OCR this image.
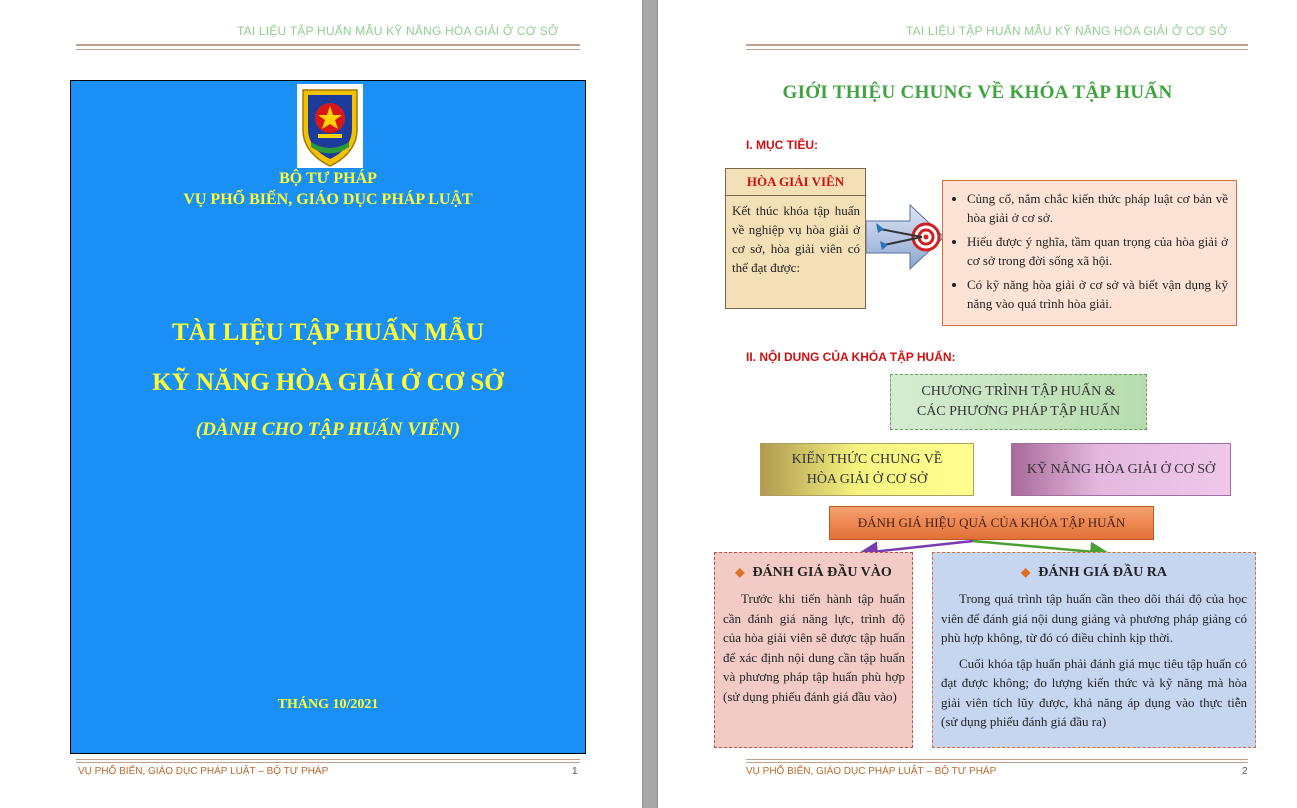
TAI LIỆU TẬP HUẤN MẪU KỸ NĂNG HÒA GIẢI Ở CƠ SỞ
BỘ TƯ PHÁP
VỤ PHỔ BIẾN, GIÁO DỤC PHÁP LUẬT
TÀI LIỆU TẬP HUẤN MẪU
KỸ NĂNG HÒA GIẢI Ở CƠ SỞ
(DÀNH CHO TẬP HUẤN VIÊN)
THÁNG 10/2021
VỤ PHỔ BIẾN, GIÁO DỤC PHÁP LUẬT – BỘ TƯ PHÁP	1
TAI LIỆU TẬP HUẤN MẪU KỸ NĂNG HÒA GIẢI Ở CƠ SỞ
GIỚI THIỆU CHUNG VỀ KHÓA TẬP HUẤN
I. MỤC TIÊU:
HÒA GIẢI VIÊN
Kết thúc khóa tập huấn về nghiệp vụ hòa giải ở cơ sở, hòa giải viên có thể đạt được:
• Củng cố, nắm chắc kiến thức pháp luật cơ bản về hòa giải ở cơ sở.
• Hiểu được ý nghĩa, tầm quan trọng của hòa giải ở cơ sở trong đời sống xã hội.
• Có kỹ năng hòa giải ở cơ sở và biết vận dụng kỹ năng vào quá trình hòa giải.
II. NỘI DUNG CỦA KHÓA TẬP HUẤN:
CHƯƠNG TRÌNH TẬP HUẤN &
CÁC PHƯƠNG PHÁP TẬP HUẤN
KIẾN THỨC CHUNG VỀ
HÒA GIẢI Ở CƠ SỞ
KỸ NĂNG HÒA GIẢI Ở CƠ SỞ
ĐÁNH GIÁ HIỆU QUẢ CỦA KHÓA TẬP HUẤN
◆ ĐÁNH GIÁ ĐẦU VÀO

Trước khi tiến hành tập huấn cần đánh giá năng lực, trình độ của hòa giải viên sẽ được tập huấn để xác định nội dung cần tập huấn và phương pháp tập huấn phù hợp (sử dụng phiếu đánh giá đầu vào)

◆ ĐÁNH GIÁ ĐẦU RA

Trong quá trình tập huấn cần theo dõi thái độ của học viên để đánh giá nội dung giảng và phương pháp giảng có phù hợp không, từ đó có điều chỉnh kịp thời.

Cuối khóa tập huấn phải đánh giá mục tiêu tập huấn có đạt được không; đo lượng kiến thức và kỹ năng mà hòa giải viên tích lũy được, khả năng áp dụng vào thực tiễn (sử dụng phiếu đánh giá đầu ra)

VỤ PHỔ BIẾN, GIÁO DỤC PHÁP LUẬT – BỘ TƯ PHÁP	2
